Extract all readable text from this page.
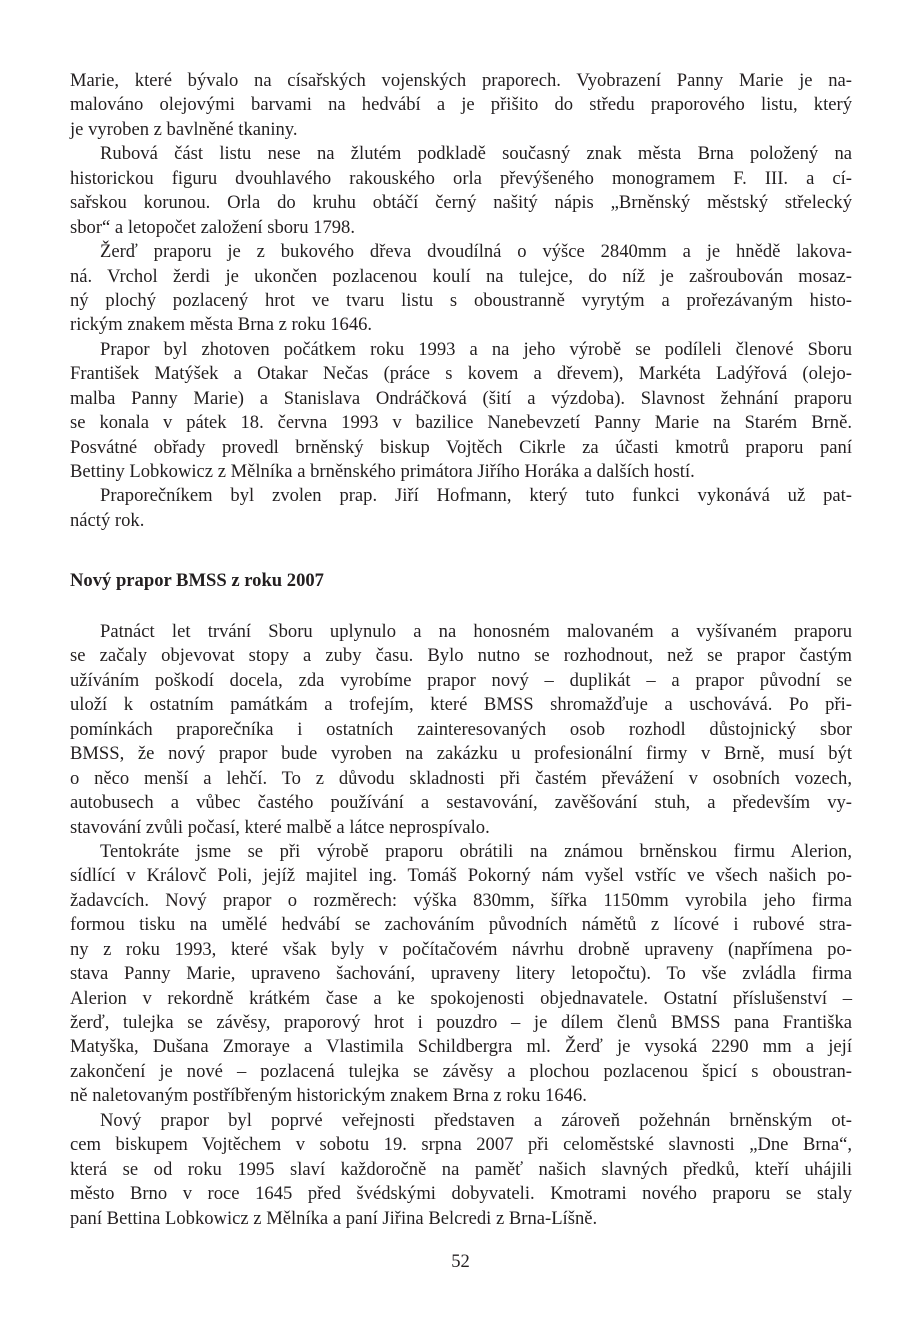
Marie, které bývalo na císařských vojenských praporech. Vyobrazení Panny Marie je na-
malováno olejovými barvami na hedvábí a je přišito do středu praporového listu, který
je vyroben z bavlněné tkaniny.
Rubová část listu nese na žlutém podkladě současný znak města Brna položený na
historickou figuru dvouhlavého rakouského orla převýšeného monogramem F. III. a cí-
sařskou korunou. Orla do kruhu obtáčí černý našitý nápis „Brněnský městský střelecký
sbor“ a letopočet založení sboru 1798.
Žerď praporu je z bukového dřeva dvoudílná o výšce 2840mm a je hnědě lakova-
ná. Vrchol žerdi je ukončen pozlacenou koulí na tulejce, do níž je zašroubován mosaz-
ný plochý pozlacený hrot ve tvaru listu s oboustranně vyrytým a prořezávaným histo-
rickým znakem města Brna z roku 1646.
Prapor byl zhotoven počátkem roku 1993 a na jeho výrobě se podíleli členové Sboru
František Matýšek a Otakar Nečas (práce s kovem a dřevem), Markéta Ladýřová (olejo-
malba Panny Marie) a Stanislava Ondráčková (šití a výzdoba). Slavnost žehnání praporu
se konala v pátek 18. června 1993 v bazilice Nanebevzetí Panny Marie na Starém Brně.
Posvátné obřady provedl brněnský biskup Vojtěch Cikrle za účasti kmotrů praporu paní
Bettiny Lobkowicz z Mělníka a brněnského primátora Jiřího Horáka a dalších hostí.
Praporečníkem byl zvolen prap. Jiří Hofmann, který tuto funkci vykonává už pat-
náctý rok.
Nový prapor BMSS z roku 2007
Patnáct let trvání Sboru uplynulo a na honosném malovaném a vyšívaném praporu
se začaly objevovat stopy a zuby času. Bylo nutno se rozhodnout, než se prapor častým
užíváním poškodí docela, zda vyrobíme prapor nový – duplikát – a prapor původní se
uloží k ostatním památkám a trofejím, které BMSS shromažďuje a uschovává. Po při-
pomínkách praporečníka i ostatních zainteresovaných osob rozhodl důstojnický sbor
BMSS, že nový prapor bude vyroben na zakázku u profesionální firmy v Brně, musí být
o něco menší a lehčí. To z důvodu skladnosti při častém převážení v osobních vozech,
autobusech a vůbec častého používání a sestavování, zavěšování stuh, a především vy-
stavování zvůli počasí, které malbě a látce neprospívalo.
Tentokráte jsme se při výrobě praporu obrátili na známou brněnskou firmu Alerion,
sídlící v Královč Poli, jejíž majitel ing. Tomáš Pokorný nám vyšel vstříc ve všech našich po-
žadavcích. Nový prapor o rozměrech: výška 830mm, šířka 1150mm vyrobila jeho firma
formou tisku na umělé hedvábí se zachováním původních námětů z lícové i rubové stra-
ny z roku 1993, které však byly v počítačovém návrhu drobně upraveny (napřímena po-
stava Panny Marie, upraveno šachování, upraveny litery letopočtu). To vše zvládla firma
Alerion v rekordně krátkém čase a ke spokojenosti objednavatele. Ostatní příslušenství –
žerď, tulejka se závěsy, praporový hrot i pouzdro – je dílem členů BMSS pana Františka
Matyška, Dušana Zmoraye a Vlastimila Schildbergra ml. Žerď je vysoká 2290 mm a její
zakončení je nové – pozlacená tulejka se závěsy a plochou pozlacenou špicí s oboustran-
ně naletovaným postříbřeným historickým znakem Brna z roku 1646.
Nový prapor byl poprvé veřejnosti představen a zároveň požehnán brněnským ot-
cem biskupem Vojtěchem v sobotu 19. srpna 2007 při celoměstské slavnosti „Dne Brna“,
která se od roku 1995 slaví každoročně na paměť našich slavných předků, kteří uhájili
město Brno v roce 1645 před švédskými dobyvateli. Kmotrami nového praporu se staly
paní Bettina Lobkowicz z Mělníka a paní Jiřina Belcredi z Brna-Líšně.
52
